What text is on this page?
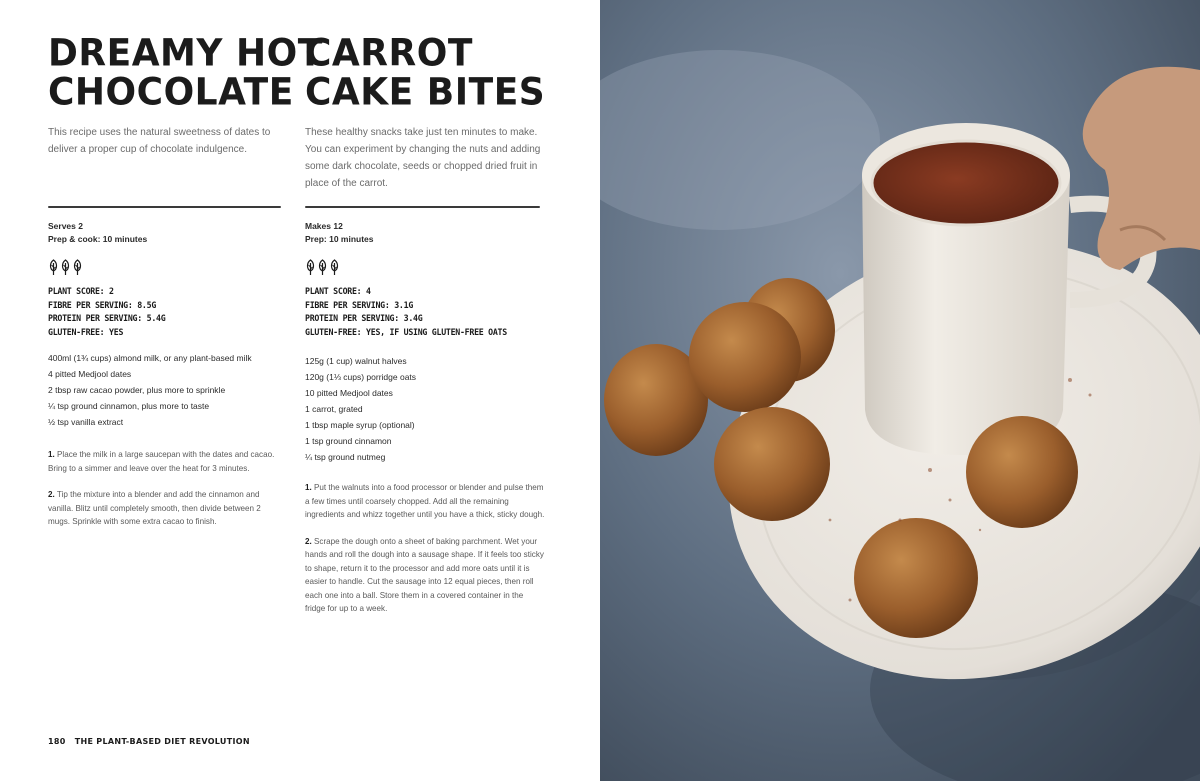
DREAMY HOT
CHOCOLATE

This recipe uses the natural sweetness of dates to deliver a proper cup of chocolate indulgence.

Serves 2
Prep & cook: 10 minutes
PLANT SCORE: 2
FIBRE PER SERVING: 8.5G
PROTEIN PER SERVING: 5.4G
GLUTEN-FREE: YES
400ml (1¾ cups) almond milk, or any plant-based milk
4 pitted Medjool dates
2 tbsp raw cacao powder, plus more to sprinkle
¼ tsp ground cinnamon, plus more to taste
½ tsp vanilla extract

1. Place the milk in a large saucepan with the dates and cacao. Bring to a simmer and leave over the heat for 3 minutes.

2. Tip the mixture into a blender and add the cinnamon and vanilla. Blitz until completely smooth, then divide between 2 mugs. Sprinkle with some extra cacao to finish.

CARROT
CAKE BITES

These healthy snacks take just ten minutes to make. You can experiment by changing the nuts and adding some dark chocolate, seeds or chopped dried fruit in place of the carrot.

Makes 12
Prep: 10 minutes
PLANT SCORE: 4
FIBRE PER SERVING: 3.1G
PROTEIN PER SERVING: 3.4G
GLUTEN-FREE: YES, IF USING GLUTEN-FREE OATS
125g (1 cup) walnut halves
120g (1⅓ cups) porridge oats
10 pitted Medjool dates
1 carrot, grated
1 tbsp maple syrup (optional)
1 tsp ground cinnamon
¼ tsp ground nutmeg

1. Put the walnuts into a food processor or blender and pulse them a few times until coarsely chopped. Add all the remaining ingredients and whizz together until you have a thick, sticky dough.

2. Scrape the dough onto a sheet of baking parchment. Wet your hands and roll the dough into a sausage shape. If it feels too sticky to shape, return it to the processor and add more oats until it is easier to handle. Cut the sausage into 12 equal pieces, then roll each one into a ball. Store them in a covered container in the fridge for up to a week.

180 THE PLANT-BASED DIET REVOLUTION
